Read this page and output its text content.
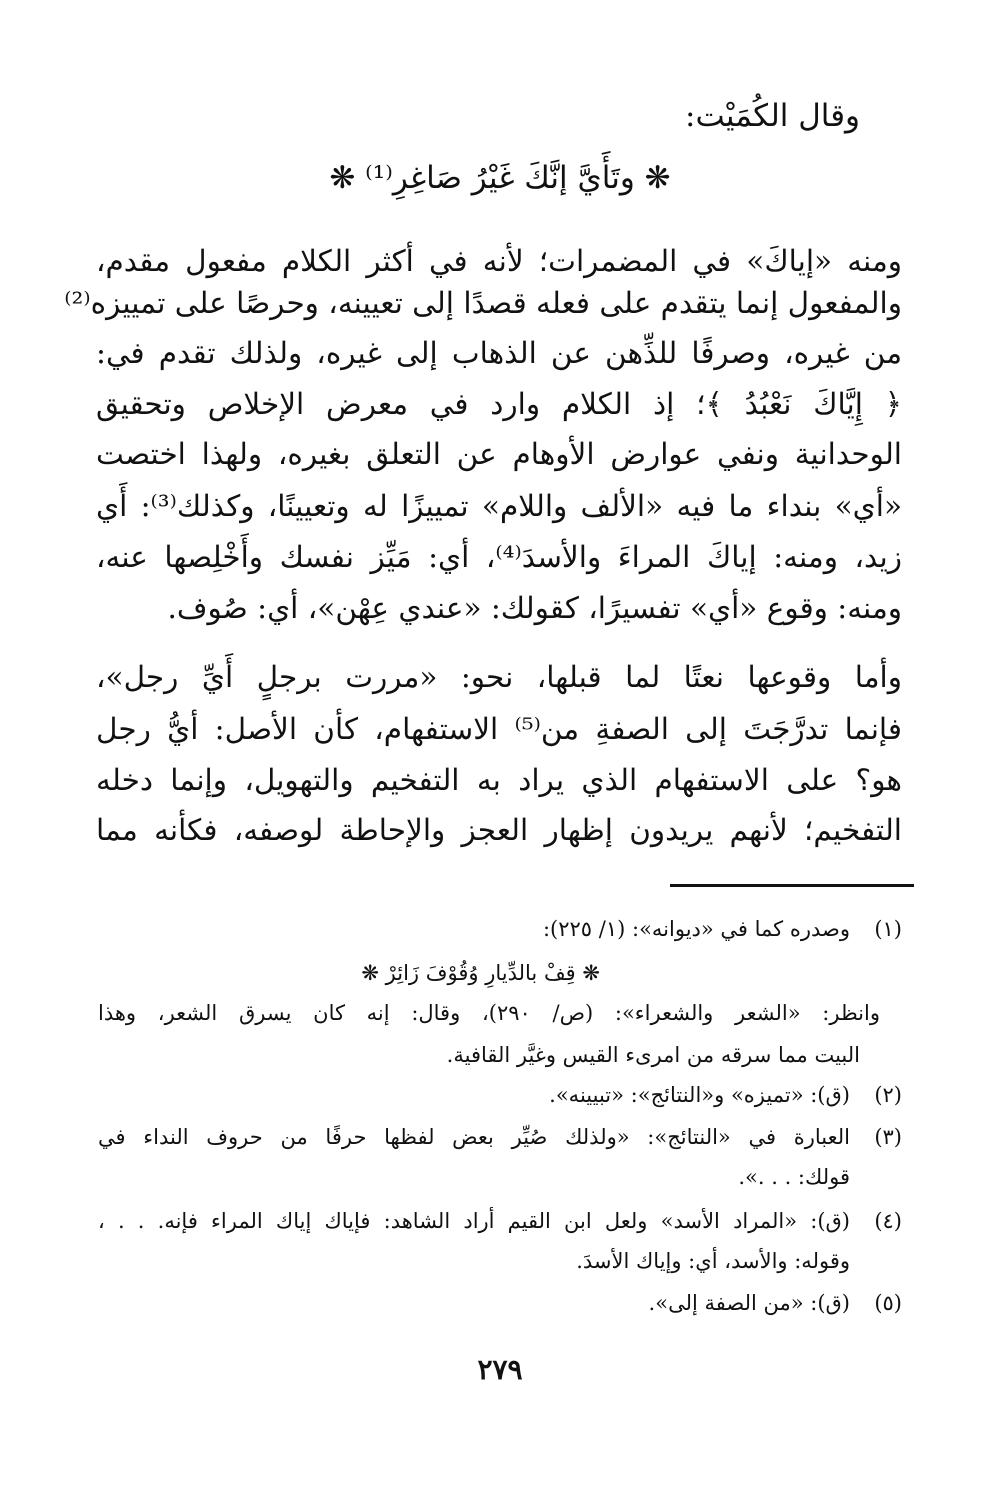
وقال الكُمَيْت:
❋ وتَأَيَّ إنَّكَ غَيْرُ صَاغِرِ⁽¹⁾ ❋
ومنه «إياكَ» في المضمرات؛ لأنه في أكثر الكلام مفعول مقدم،
والمفعول إنما يتقدم على فعله قصدًا إلى تعيينه، وحرصًا على تمييزه⁽²⁾
من غيره، وصرفًا للذِّهن عن الذهاب إلى غيره، ولذلك تقدم في:
﴿ إِيَّاكَ نَعْبُدُ ﴾؛ إذ الكلام وارد في معرض الإخلاص وتحقيق
الوحدانية ونفي عوارض الأوهام عن التعلق بغيره، ولهذا اختصت
«أي» بنداء ما فيه «الألف واللام» تمييزًا له وتعيينًا، وكذلك⁽³⁾: أَي
زيد، ومنه: إياكَ المراءَ والأسدَ⁽⁴⁾، أي: مَيِّز نفسك وأَخْلِصها عنه،
ومنه: وقوع «أي» تفسيرًا، كقولك: «عندي عِهْن»، أي: صُوف.
وأما وقوعها نعتًا لما قبلها، نحو: «مررت برجلٍ أَيِّ رجل»،
فإنما تدرَّجَتَ إلى الصفةِ من⁽⁵⁾ الاستفهام، كأن الأصل: أيُّ رجل
هو؟ على الاستفهام الذي يراد به التفخيم والتهويل، وإنما دخله
التفخيم؛ لأنهم يريدون إظهار العجز والإحاطة لوصفه، فكأنه مما
(١)
وصدره كما في «ديوانه»: (١/ ٢٢٥):
❋ قِفْ بالدِّيارِ وُقُوْفَ زَائِرْ ❋
وانظر: «الشعر والشعراء»: (ص/ ٢٩٠)، وقال: إنه كان يسرق الشعر، وهذا
البيت مما سرقه من امرىء القيس وغيَّر القافية.
(٢)
(ق): «تميزه» و«النتائج»: «تبيينه».
(٣)
العبارة في «النتائج»: «ولذلك صُيِّر بعض لفظها حرفًا من حروف النداء في
قولك: . . .».
(٤)
(ق): «المراد الأسد» ولعل ابن القيم أراد الشاهد: فإياك إياك المراء فإنه. . . ،
وقوله: والأسد، أي: وإياك الأسدَ.
(٥)
(ق): «من الصفة إلى».
٢٧٩
